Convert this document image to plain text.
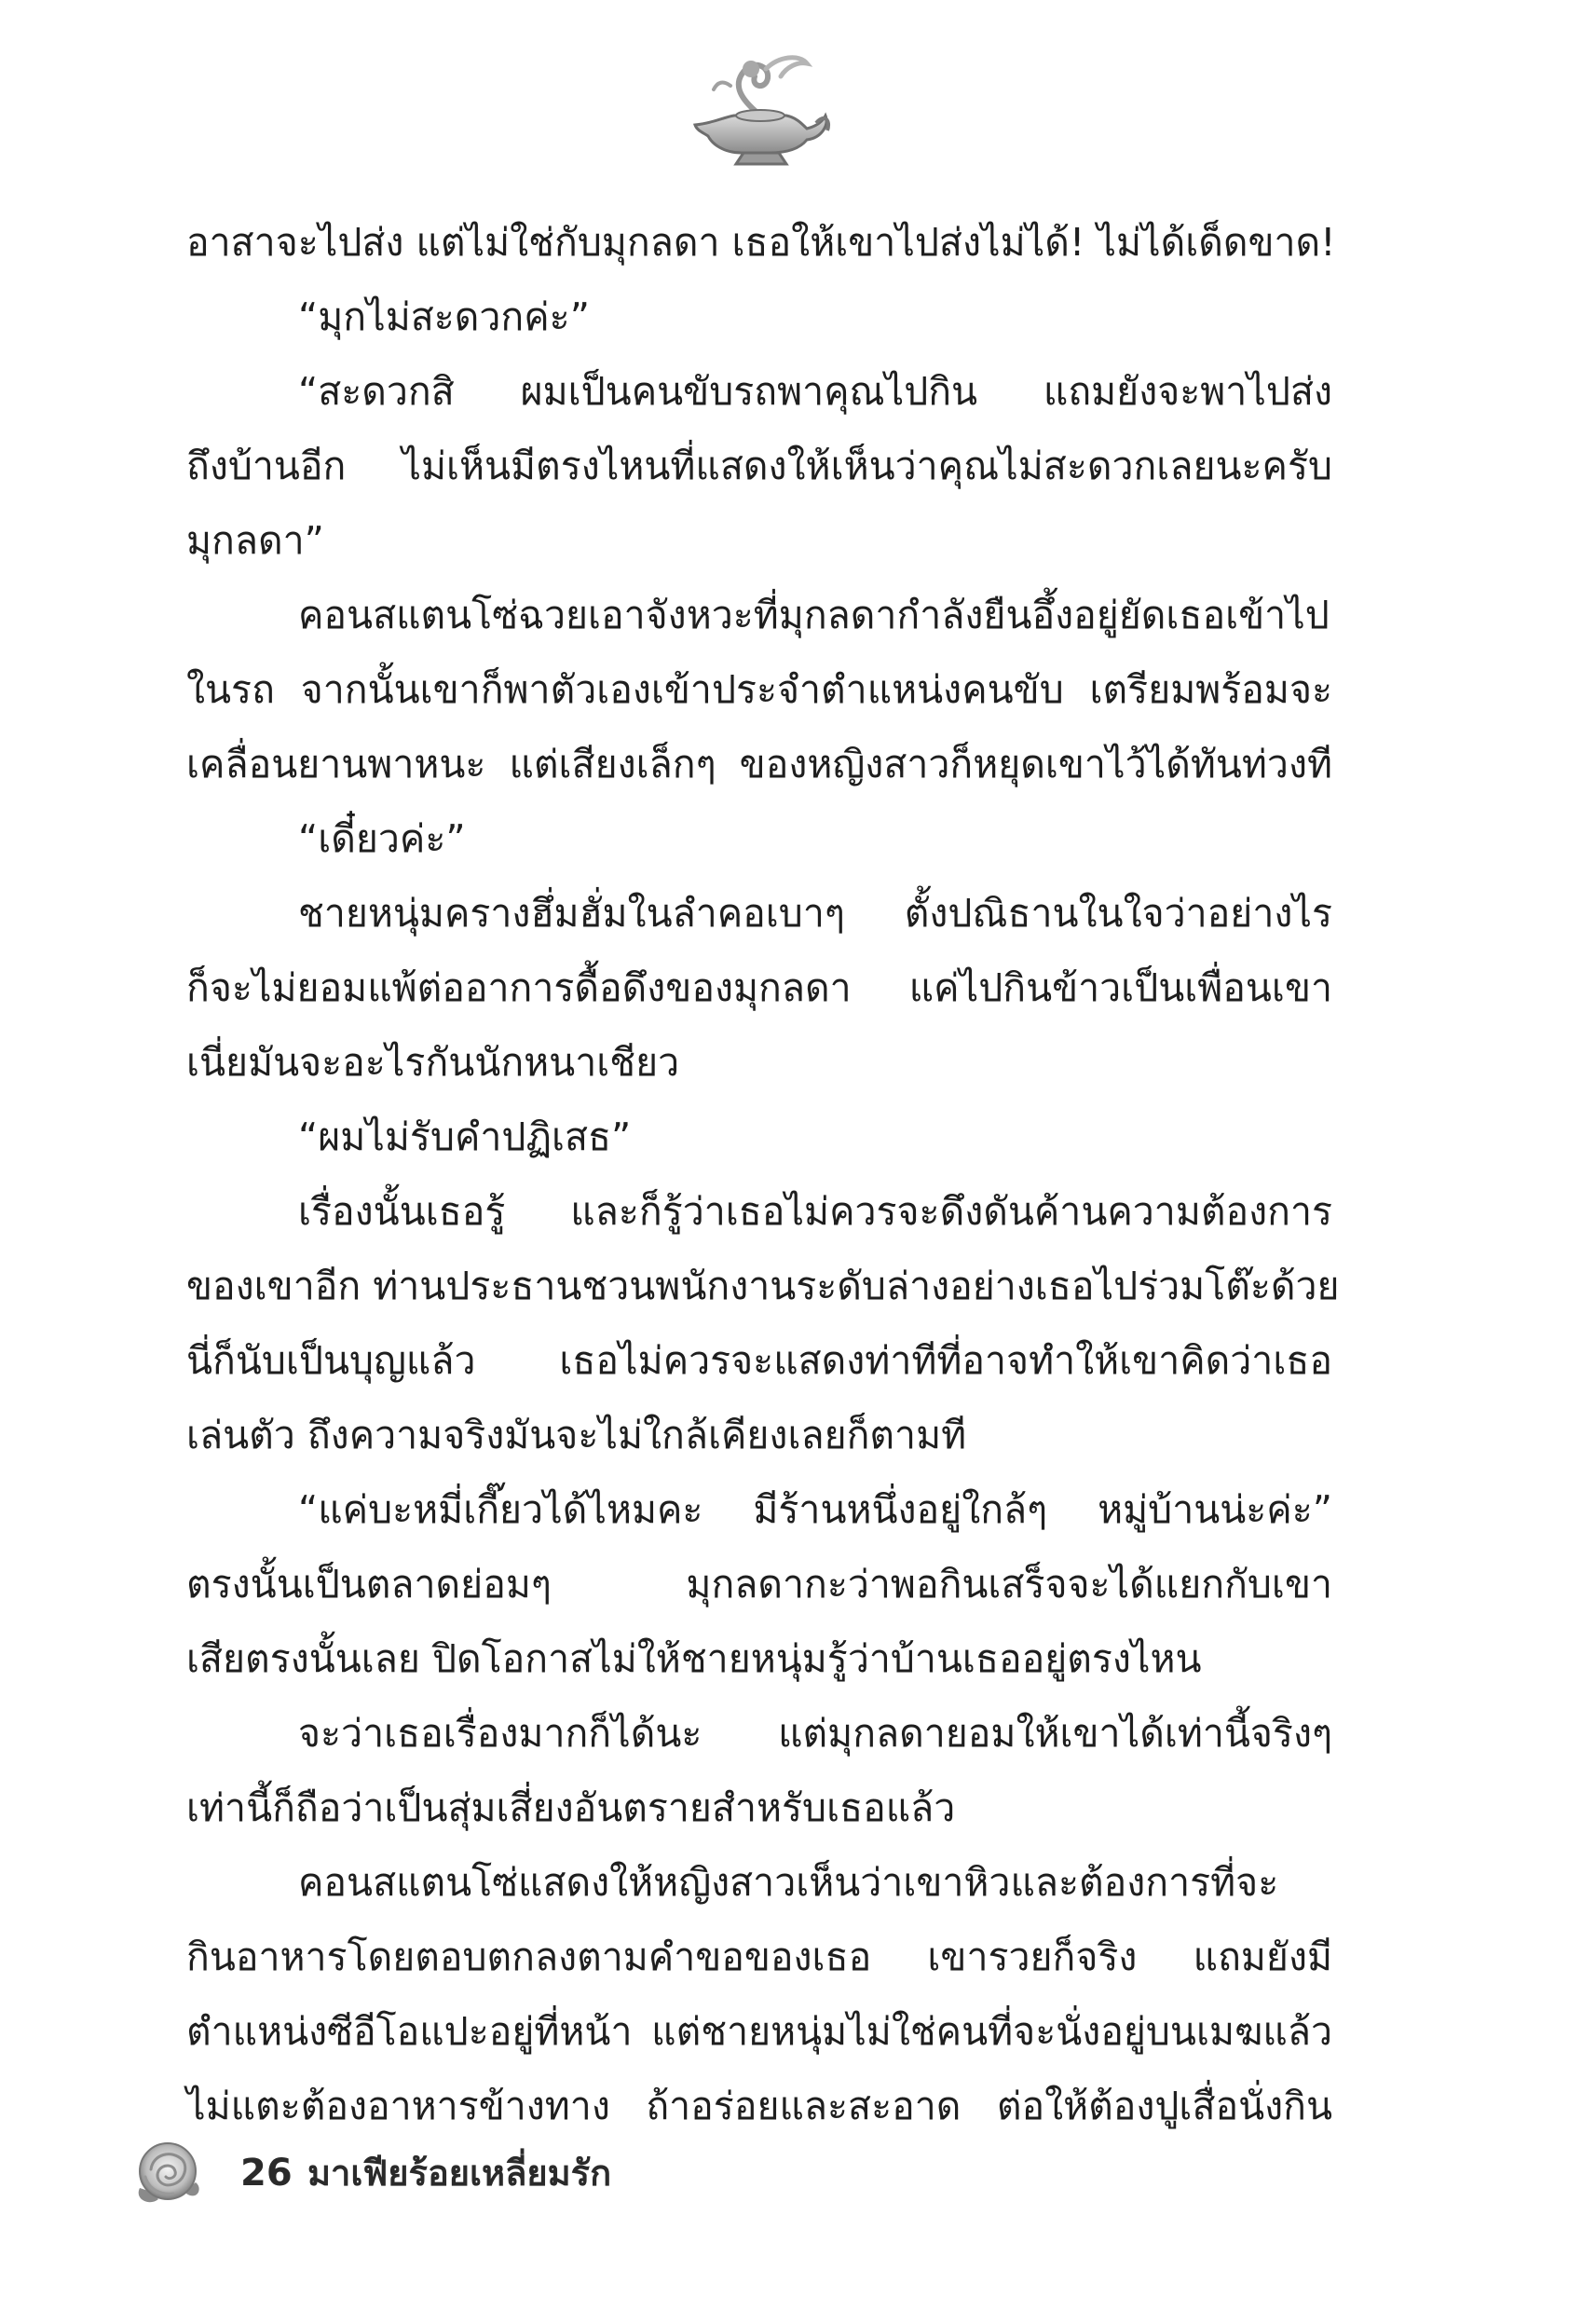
อาสาจะไปส่ง แต่ไม่ใช่กับมุกลดา เธอให้เขาไปส่งไม่ได้! ไม่ได้เด็ดขาด!
“มุกไม่สะดวกค่ะ”
“สะดวกสิ ผมเป็นคนขับรถพาคุณไปกิน แถมยังจะพาไปส่ง
ถึงบ้านอีก ไม่เห็นมีตรงไหนที่แสดงให้เห็นว่าคุณไม่สะดวกเลยนะครับ
มุกลดา”
คอนสแตนโซ่ฉวยเอาจังหวะที่มุกลดากำลังยืนอึ้งอยู่ยัดเธอเข้าไป
ในรถ จากนั้นเขาก็พาตัวเองเข้าประจำตำแหน่งคนขับ เตรียมพร้อมจะ
เคลื่อนยานพาหนะ แต่เสียงเล็กๆ ของหญิงสาวก็หยุดเขาไว้ได้ทันท่วงที
“เดี๋ยวค่ะ”
ชายหนุ่มครางฮึ่มฮั่มในลำคอเบาๆ ตั้งปณิธานในใจว่าอย่างไร
ก็จะไม่ยอมแพ้ต่ออาการดื้อดึงของมุกลดา แค่ไปกินข้าวเป็นเพื่อนเขา
เนี่ยมันจะอะไรกันนักหนาเชียว
“ผมไม่รับคำปฏิเสธ”
เรื่องนั้นเธอรู้ และก็รู้ว่าเธอไม่ควรจะดึงดันค้านความต้องการ
ของเขาอีก ท่านประธานชวนพนักงานระดับล่างอย่างเธอไปร่วมโต๊ะด้วย
นี่ก็นับเป็นบุญแล้ว เธอไม่ควรจะแสดงท่าทีที่อาจทำให้เขาคิดว่าเธอ
เล่นตัว ถึงความจริงมันจะไม่ใกล้เคียงเลยก็ตามที
“แค่บะหมี่เกี๊ยวได้ไหมคะ มีร้านหนึ่งอยู่ใกล้ๆ หมู่บ้านน่ะค่ะ”
ตรงนั้นเป็นตลาดย่อมๆ มุกลดากะว่าพอกินเสร็จจะได้แยกกับเขา
เสียตรงนั้นเลย ปิดโอกาสไม่ให้ชายหนุ่มรู้ว่าบ้านเธออยู่ตรงไหน
จะว่าเธอเรื่องมากก็ได้นะ แต่มุกลดายอมให้เขาได้เท่านี้จริงๆ
เท่านี้ก็ถือว่าเป็นสุ่มเสี่ยงอันตรายสำหรับเธอแล้ว
คอนสแตนโซ่แสดงให้หญิงสาวเห็นว่าเขาหิวและต้องการที่จะ
กินอาหารโดยตอบตกลงตามคำขอของเธอ เขารวยก็จริง แถมยังมี
ตำแหน่งซีอีโอแปะอยู่ที่หน้า แต่ชายหนุ่มไม่ใช่คนที่จะนั่งอยู่บนเมฆแล้ว
ไม่แตะต้องอาหารข้างทาง ถ้าอร่อยและสะอาด ต่อให้ต้องปูเสื่อนั่งกิน
26 มาเฟียร้อยเหลี่ยมรัก
